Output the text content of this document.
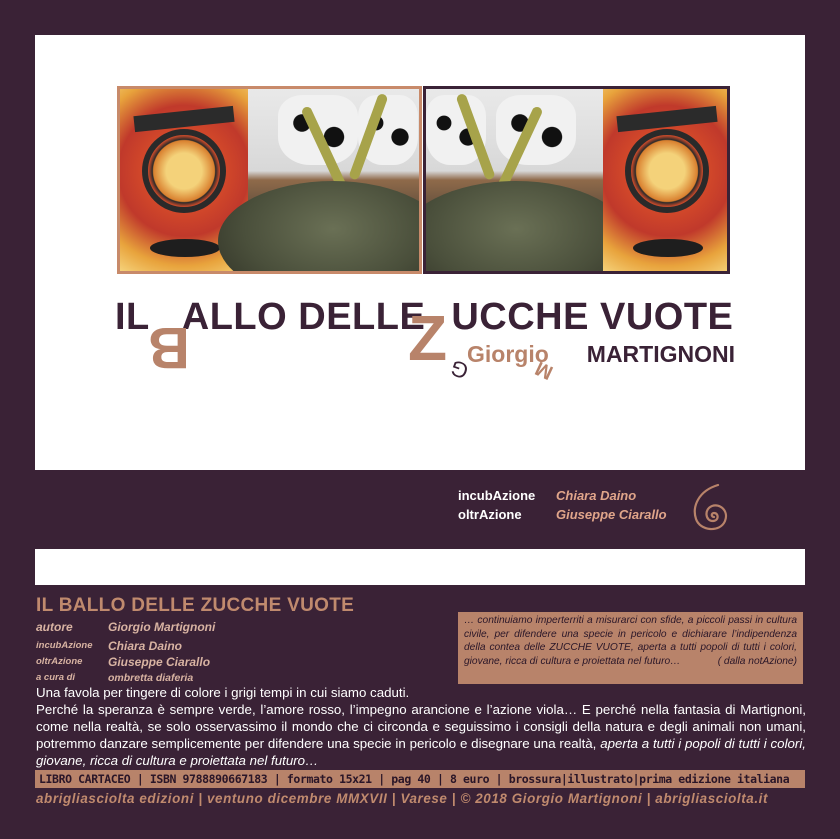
IL ALLO DELLE UCCHE VUOTE
B	Z G	M
Giorgio MARTIGNONI
incubAzione	Chiara Daino
oltrAzione	Giuseppe Ciarallo
IL BALLO DELLE ZUCCHE VUOTE
autore	Giorgio Martignoni
incubAzione	Chiara Daino
oltrAzione	Giuseppe Ciarallo
a cura di	ombretta diaferia
… continuiamo imperterriti a misurarci con sfide, a piccoli passi in cultura civile, per difendere una specie in pericolo e dichiarare l’indipendenza della contea delle ZUCCHE VUOTE, aperta a tutti popoli di tutti i colori, giovane, ricca di cultura e proiettata nel futuro…	( dalla notAzione)

Una favola per tingere di colore i grigi tempi in cui siamo caduti.
Perché la speranza è sempre verde, l’amore rosso, l’impegno arancione e l’azione viola… E perché nella fantasia di Martignoni, come nella realtà, se solo osservassimo il mondo che ci circonda e seguissimo i consigli della natura e degli animali non umani, potremmo danzare semplicemente per difendere una specie in pericolo e disegnare una realtà, aperta a tutti i popoli di tutti i colori, giovane, ricca di cultura e proiettata nel futuro…

LIBRO CARTACEO | ISBN 9788890667183 | formato 15x21 | pag 40 | 8 euro | brossura|illustrato|prima edizione italiana
abrigliasciolta edizioni | ventuno dicembre MMXVII | Varese | © 2018 Giorgio Martignoni | abrigliasciolta.it
